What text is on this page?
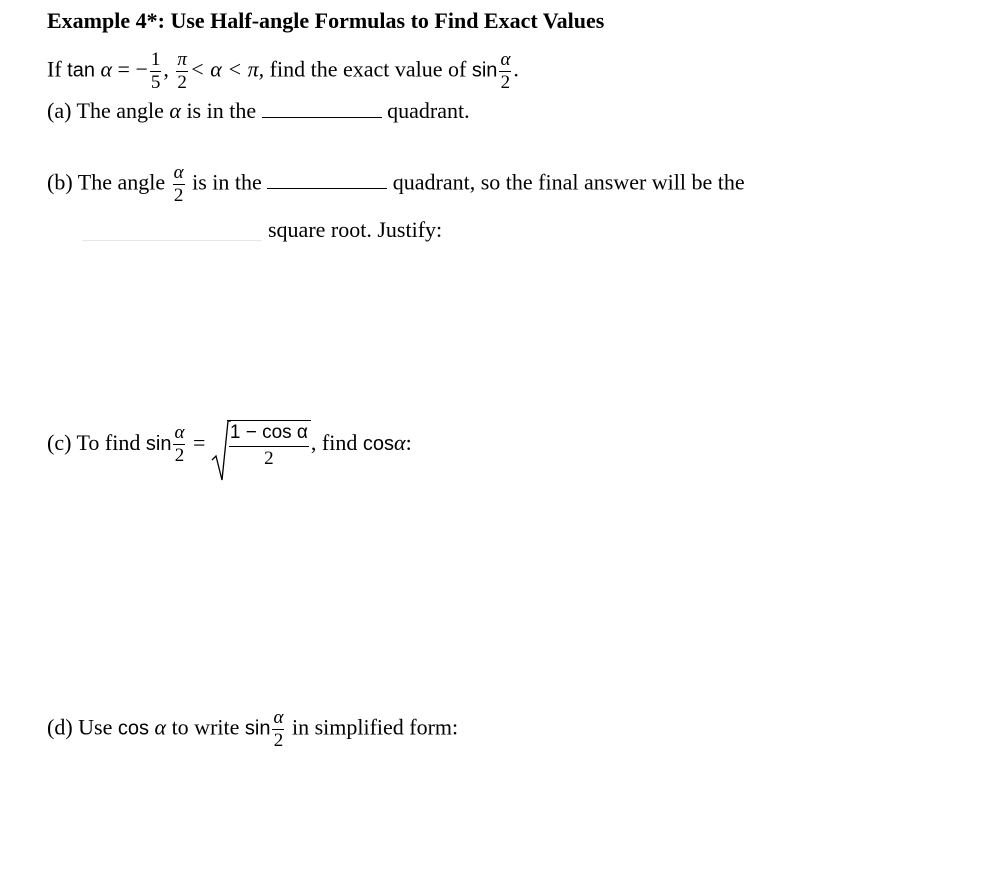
Example 4*: Use Half-angle Formulas to Find Exact Values
If tan α = − $\frac{1}{5}$ , $\frac{\pi}{2} < \alpha < \pi$, find the exact value of $\sin \frac{\alpha}{2}$ .
(a) The angle α is in the	quadrant.
(b) The angle $\frac{\alpha}{2}$ is in the	quadrant, so the final answer will be the
square root. Justify:
(c) To find $\sin \frac{\alpha}{2} = \frac{\text{1 − cos α}}{2}$ , find cosα:
(d) Use cos α to write $\sin \frac{\alpha}{2}$ in simplified form:
